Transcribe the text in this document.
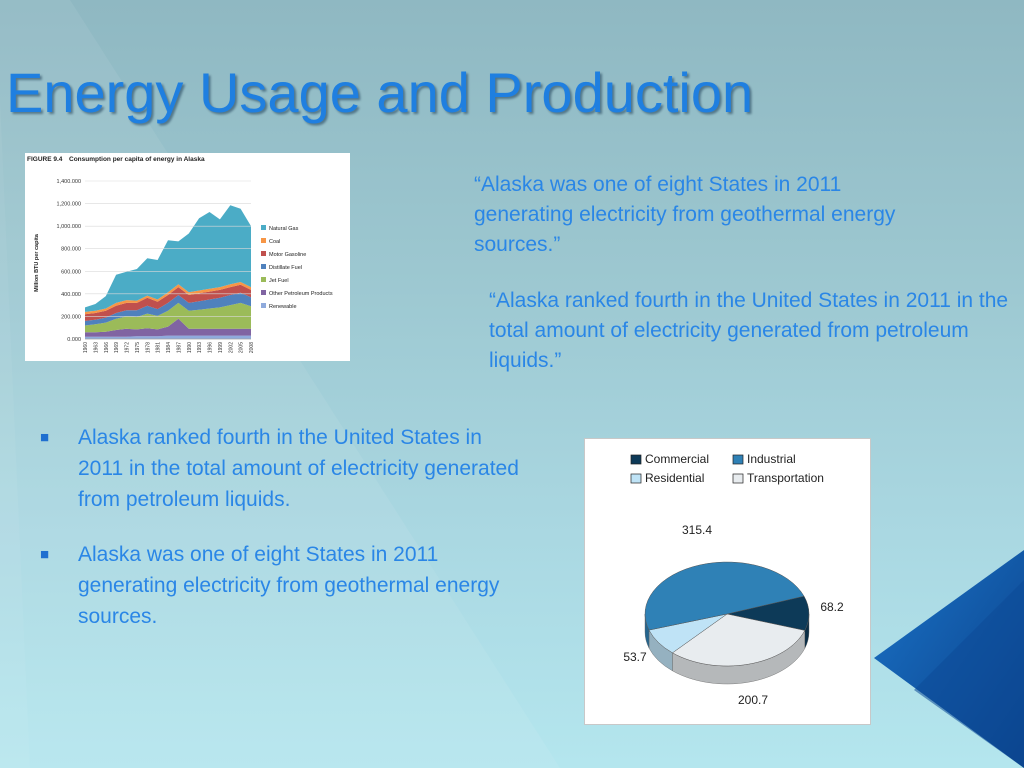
Energy Usage and Production
FIGURE 9.4 Consumption per capita of energy in Alaska
0.000
200.000
400.000
600.000
800.000
1,000.000
1,200.000
1,400.000
1960 1963 1966 1969 1972 1975 1978 1981 1984 1987 1990 1993 1996 1999 2002 2005 2008
Million BTU per capita
Natural Gas
Coal
Motor Gasoline
Distillate Fuel
Jet Fuel
Other Petroleum Products
Renewable

“Alaska was one of eight States in 2011 generating electricity from geothermal energy sources.”

“Alaska ranked fourth in the United States in 2011 in the total amount of electricity generated from petroleum liquids.”

■ Alaska ranked fourth in the United States in 2011 in the total amount of electricity generated from petroleum liquids.
■ Alaska was one of eight States in 2011 generating electricity from geothermal energy sources.
Commercial	Industrial
Residential	Transportation
68.2
315.4
53.7
200.7
